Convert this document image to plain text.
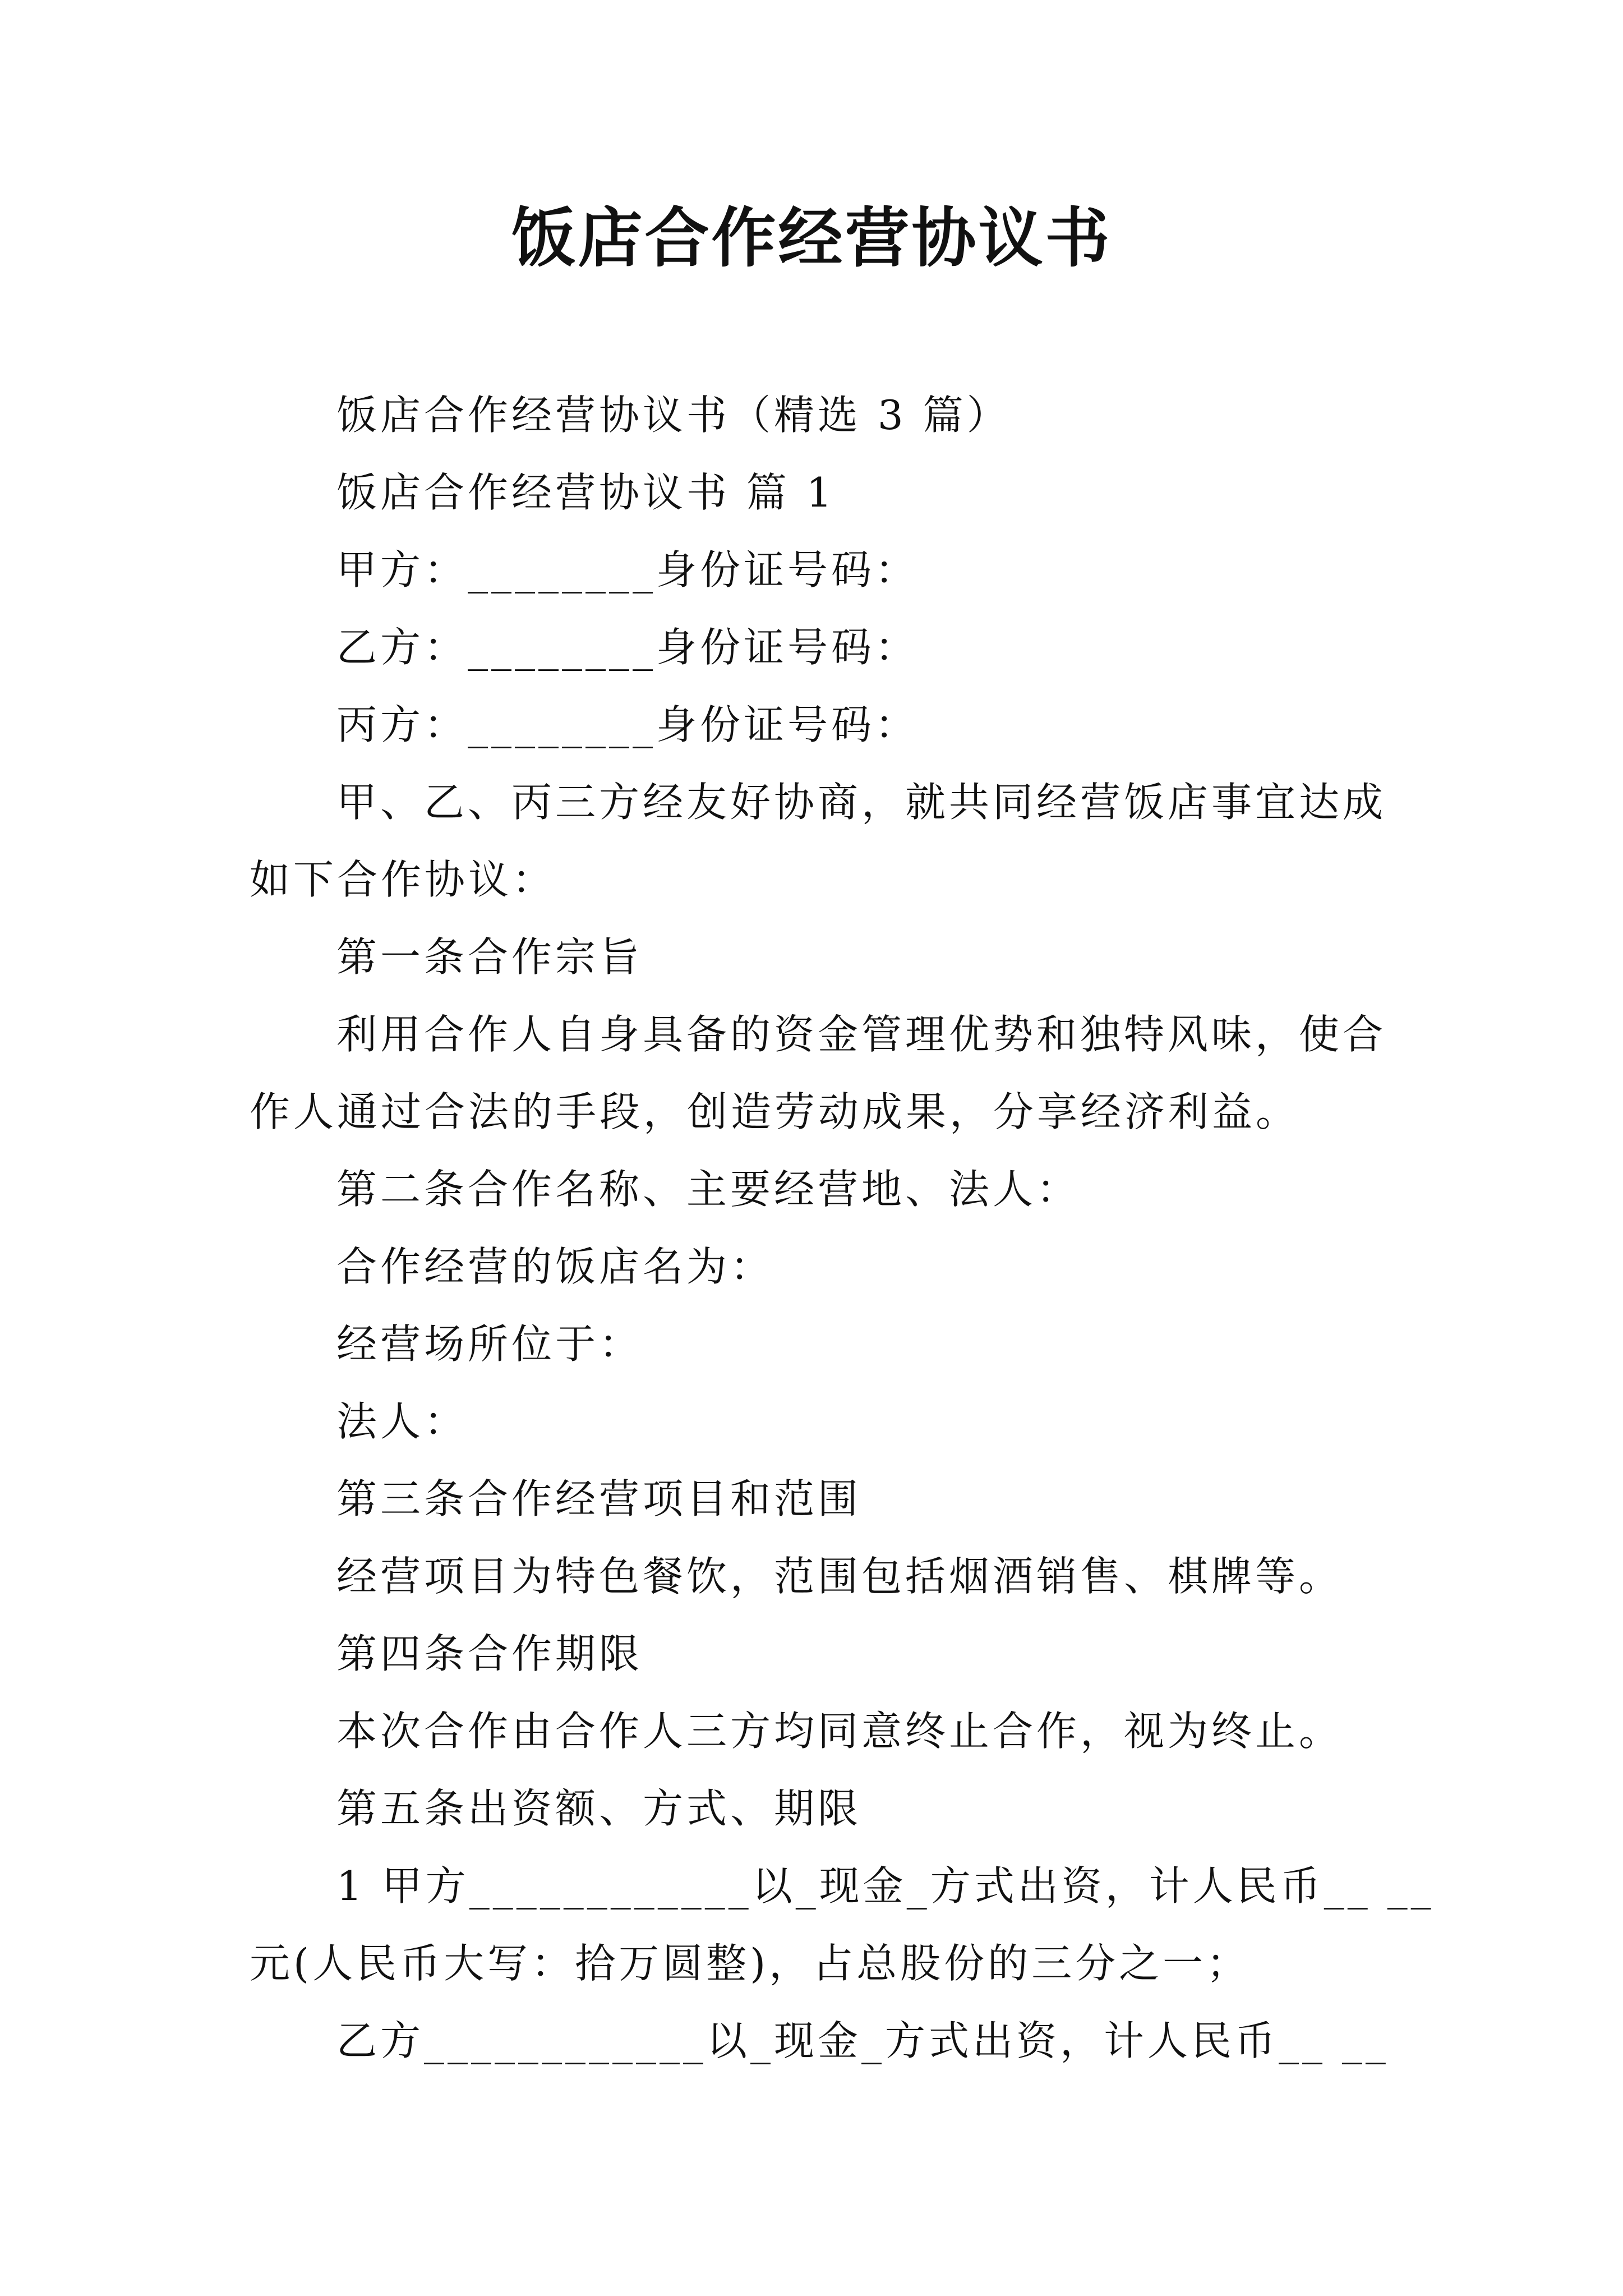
饭店合作经营协议书
饭店合作经营协议书（精选 3 篇）
饭店合作经营协议书 篇 1
甲方：________身份证号码：
乙方：________身份证号码：
丙方：________身份证号码：
甲、乙、丙三方经友好协商，就共同经营饭店事宜达成
如下合作协议：
第一条合作宗旨
利用合作人自身具备的资金管理优势和独特风味，使合
作人通过合法的手段，创造劳动成果，分享经济利益。
第二条合作名称、主要经营地、法人：
合作经营的饭店名为：
经营场所位于：
法人：
第三条合作经营项目和范围
经营项目为特色餐饮，范围包括烟酒销售、棋牌等。
第四条合作期限
本次合作由合作人三方均同意终止合作，视为终止。
第五条出资额、方式、期限
1 甲方____________以_现金_方式出资，计人民币__ __
元(人民币大写：拾万圆整)，占总股份的三分之一；
乙方____________以_现金_方式出资，计人民币__ __
